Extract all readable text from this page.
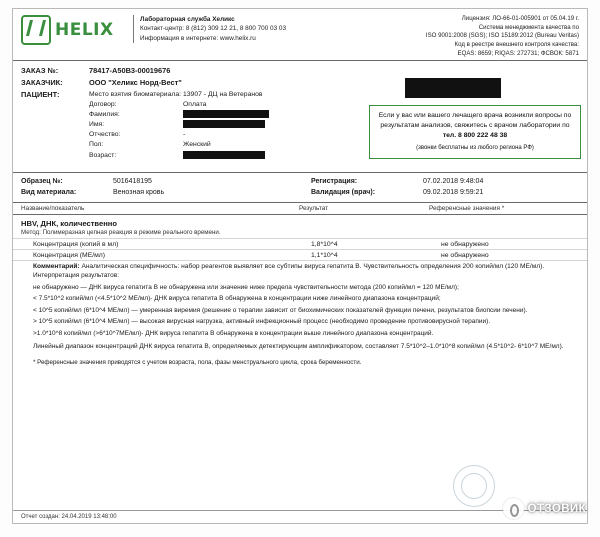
HELIX
Лабораторная служба Хеликс
Контакт-центр: 8 (812) 309 12 21, 8 800 700 03 03
Информация в интернете: www.helix.ru
Лицензия: ЛО-66-01-005901 от 05.04.19 г.
Система менеджмента качества по
ISO 9001:2008 (SGS); ISO 15189:2012 (Bureau Veritas)
Код в реестре внешнего контроля качества:
EQAS: 8659; RIQAS: 272731; ФСВОК: 5871
ЗАКАЗ №:	78417-A50B3-00019676
ЗАКАЗЧИК:	ООО "Хеликс Норд-Вест"
ПАЦИЕНТ:	Место взятия биоматериала: 13907 - ДЦ на Ветеранов
Договор:	Оплата
Фамилия:
Имя:
Отчество:	-
Пол:	Женский
Возраст:
Если у вас или вашего лечащего врача возникли вопросы по результатам анализов, свяжитесь с врачом лаборатории по тел. 8 800 222 48 38
(звонки бесплатны из любого региона РФ)
Образец №:	5016418195
Вид материала:	Венозная кровь
Регистрация:	07.02.2018 9:48:04
Валидация (врач):	09.02.2018 9:59:21
Название/показатель	Результат	Референсные значения *
HBV, ДНК, количественно
Метод: Полимеразная цепная реакция в режиме реального времени.
Концентрация (копий в мл)	1,8*10^4	не обнаружено
Концентрация (МЕ/мл)	1,1*10^4	не обнаружено
Комментарий: Аналитическая специфичность: набор реагентов выявляет все субтипы вируса гепатита В. Чувствительность определения 200 копий/мл (120 МЕ/мл).

Интерпретация результатов:

не обнаружено — ДНК вируса гепатита В не обнаружена или значение ниже предела чувствительности метода (200 копий/мл = 120 МЕ/мл);

< 7.5*10^2 копий/мл (<4.5*10^2 МЕ/мл)- ДНК вируса гепатита В обнаружена в концентрации ниже линейного диапазона концентраций;

< 10^5 копий/мл (6*10^4 МЕ/мл) — умеренная виремия (решение о терапии зависит от биохимических показателей функции печени, результатов биопсии печени).

> 10^5 копий/мл (6*10^4 МЕ/мл) — высокая вирусная нагрузка, активный инфекционный процесс (необходимо проведение противовирусной терапии).

>1.0*10^8 копий/мл (>6*10^7МЕ/мл)- ДНК вируса гепатита В обнаружена в концентрации выше линейного диапазона концентраций.

Линейный диапазон концентраций ДНК вируса гепатита В, определяемых детектирующим амплификатором, составляет 7.5*10^2–1.0*10^8 копий/мл (4.5*10^2- 6*10^7 МЕ/мл).

* Референсные значения приводятся с учетом возраста, пола, фазы менструального цикла, срока беременности.
Отчет создан: 24.04.2019 13:48:00
ОТЗОВИК
